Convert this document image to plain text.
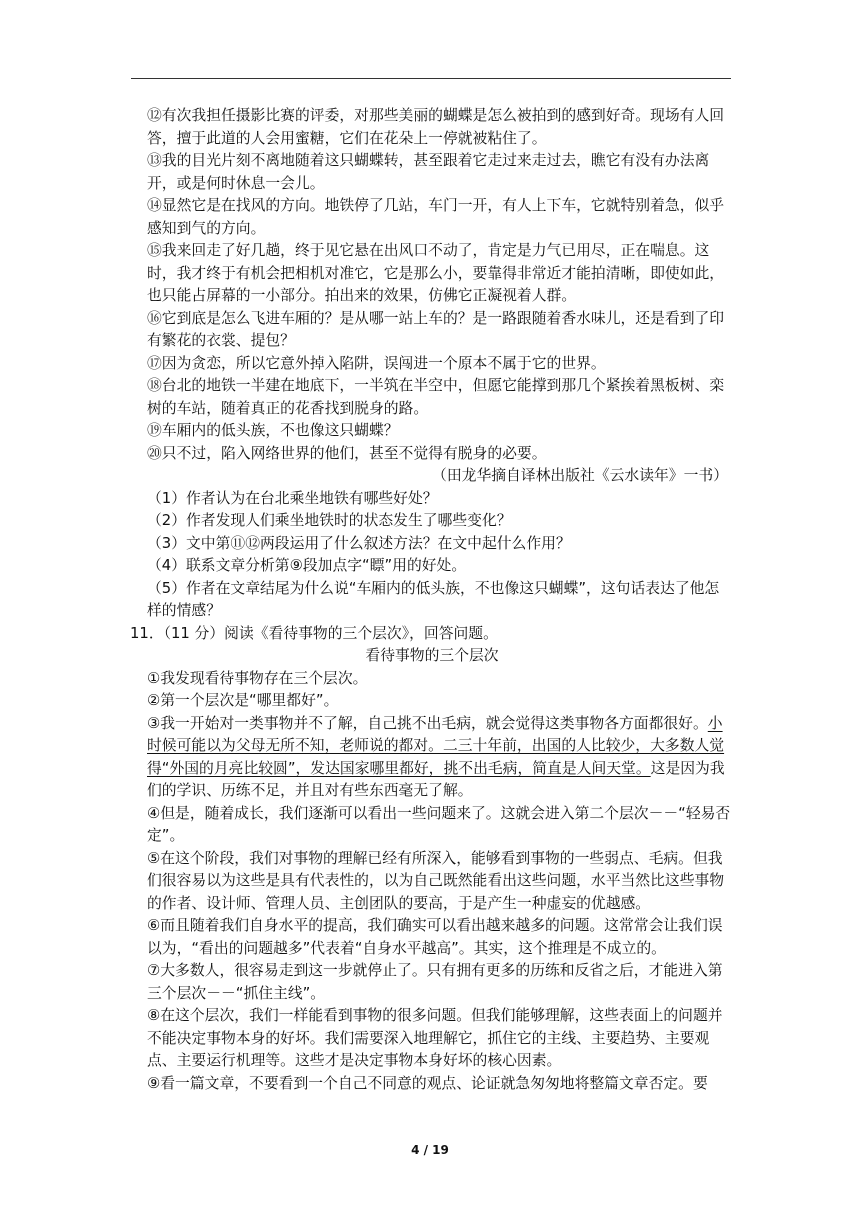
⑫有次我担任摄影比赛的评委，对那些美丽的蝴蝶是怎么被拍到的感到好奇。现场有人回答，擅于此道的人会用蜜糖，它们在花朵上一停就被粘住了。

⑬我的目光片刻不离地随着这只蝴蝶转，甚至跟着它走过来走过去，瞧它有没有办法离开，或是何时休息一会儿。

⑭显然它是在找风的方向。地铁停了几站，车门一开，有人上下车，它就特别着急，似乎感知到气的方向。

⑮我来回走了好几趟，终于见它悬在出风口不动了，肯定是力气已用尽，正在喘息。这时，我才终于有机会把相机对准它，它是那么小，要靠得非常近才能拍清晰，即使如此，也只能占屏幕的一小部分。拍出来的效果，仿佛它正凝视着人群。

⑯它到底是怎么飞进车厢的？是从哪一站上车的？是一路跟随着香水味儿，还是看到了印有繁花的衣裳、提包？

⑰因为贪恋，所以它意外掉入陷阱，误闯进一个原本不属于它的世界。

⑱台北的地铁一半建在地底下，一半筑在半空中，但愿它能撑到那几个紧挨着黑板树、栾树的车站，随着真正的花香找到脱身的路。

⑲车厢内的低头族，不也像这只蝴蝶？

⑳只不过，陷入网络世界的他们，甚至不觉得有脱身的必要。

（田龙华摘自译林出版社《云水读年》一书）

（1）作者认为在台北乘坐地铁有哪些好处？

（2）作者发现人们乘坐地铁时的状态发生了哪些变化？

（3）文中第⑪⑫两段运用了什么叙述方法？在文中起什么作用？

（4）联系文章分析第⑨段加点字“瞟”用的好处。

（5）作者在文章结尾为什么说“车厢内的低头族，不也像这只蝴蝶”，这句话表达了他怎样的情感？

11．（11 分）阅读《看待事物的三个层次》，回答问题。

看待事物的三个层次

①我发现看待事物存在三个层次。

②第一个层次是“哪里都好”。

③我一开始对一类事物并不了解，自己挑不出毛病，就会觉得这类事物各方面都很好。小时候可能以为父母无所不知，老师说的都对。二三十年前，出国的人比较少，大多数人觉得“外国的月亮比较圆”，发达国家哪里都好，挑不出毛病，简直是人间天堂。这是因为我们的学识、历练不足，并且对有些东西毫无了解。

④但是，随着成长，我们逐渐可以看出一些问题来了。这就会进入第二个层次－－“轻易否定”。

⑤在这个阶段，我们对事物的理解已经有所深入，能够看到事物的一些弱点、毛病。但我们很容易以为这些是具有代表性的，以为自己既然能看出这些问题，水平当然比这些事物的作者、设计师、管理人员、主创团队的要高，于是产生一种虚妄的优越感。

⑥而且随着我们自身水平的提高，我们确实可以看出越来越多的问题。这常常会让我们误以为，“看出的问题越多”代表着“自身水平越高”。其实，这个推理是不成立的。

⑦大多数人，很容易走到这一步就停止了。只有拥有更多的历练和反省之后，才能进入第三个层次－－“抓住主线”。

⑧在这个层次，我们一样能看到事物的很多问题。但我们能够理解，这些表面上的问题并不能决定事物本身的好坏。我们需要深入地理解它，抓住它的主线、主要趋势、主要观点、主要运行机理等。这些才是决定事物本身好坏的核心因素。

⑨看一篇文章，不要看到一个自己不同意的观点、论证就急匆匆地将整篇文章否定。要

4 / 19
